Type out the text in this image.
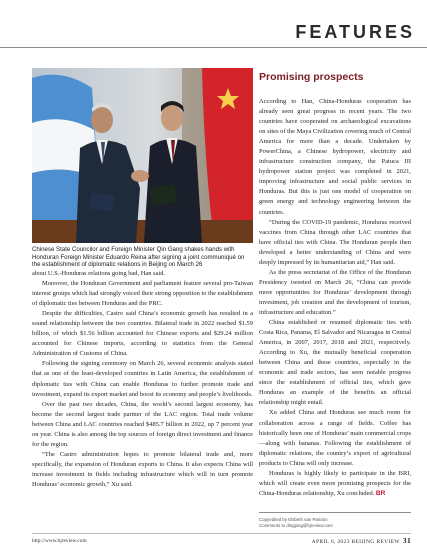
FEATURES
Chinese State Councilor and Foreign Minister Qin Gang shakes hands with Honduran Foreign Minister Eduardo Reina after signing a joint communiqué on the establishment of diplomatic relations in Beijing on March 26

about U.S.-Honduras relations going bad, Han said.

Moreover, the Honduran Government and parliament feature several pro-Taiwan interest groups which had strongly voiced their strong opposition to the establishment of diplomatic ties between Honduras and the PRC.

Despite the difficulties, Castro said China’s economic growth has resulted in a sound relationship between the two countries. Bilateral trade in 2022 reached $1.59 billion, of which $1.56 billion accounted for Chinese exports and $29.24 million accounted for Chinese imports, according to statistics from the General Administration of Customs of China.

Following the signing ceremony on March 26, several economic analysts stated that as one of the least-developed countries in Latin America, the establishment of diplomatic ties with China can enable Honduras to further promote trade and investment, expand its export market and boost its economy and people’s livelihoods.

Over the past two decades, China, the world’s second largest economy, has become the second largest trade partner of the LAC region. Total trade volume between China and LAC countries reached $485.7 billion in 2022, up 7 percent year on year. China is also among the top sources of foreign direct investment and finance for the region.

“The Castro administration hopes to promote bilateral trade and, more specifically, the expansion of Honduran exports to China. It also expects China will increase investment in fields including infrastructure which will in turn promote Honduras’ economic growth,” Xu said.

Promising prospects

According to Han, China-Honduras cooperation has already seen great progress in recent years. The two countries have cooperated on archaeological excavations on sites of the Maya Civilization covering much of Central America for more than a decade. Undertaken by PowerChina, a Chinese hydropower, electricity and infrastructure construction company, the Patuca III hydropower station project was completed in 2021, improving infrastructure and social public services in Honduras. But this is just one model of cooperation on green energy and technology engineering between the countries.

“During the COVID-19 pandemic, Honduras received vaccines from China through other LAC countries that have official ties with China. The Honduran people then developed a better understanding of China and were deeply impressed by its humanitarian aid,” Han said.

As the press secretariat of the Office of the Honduran Presidency tweeted on March 26, “China can provide more opportunities for Honduras’ development through investment, job creation and the development of tourism, infrastructure and education.”

China established or resumed diplomatic ties with Costa Rica, Panama, El Salvador and Nicaragua in Central America, in 2007, 2017, 2018 and 2021, respectively. According to Xu, the mutually beneficial cooperation between China and these countries, especially in the economic and trade sectors, has seen notable progress since the establishment of official ties, which gave Honduras an example of the benefits an official relationship might entail.

Xu added China and Honduras see much room for collaboration across a range of fields. Coffee has historically been one of Honduras’ main commercial crops—along with bananas. Following the establishment of diplomatic relations, the country’s export of agricultural products to China will only increase.

Honduras is highly likely to participate in the BRI, which will create even more promising prospects for the China-Honduras relationship, Xu concluded. BR

Copyedited by Elsbeth van Paridon
Comments to dingping@bjreview.com
http://www.bjreview.com	APRIL 6, 2023 BEIJING REVIEW 31
